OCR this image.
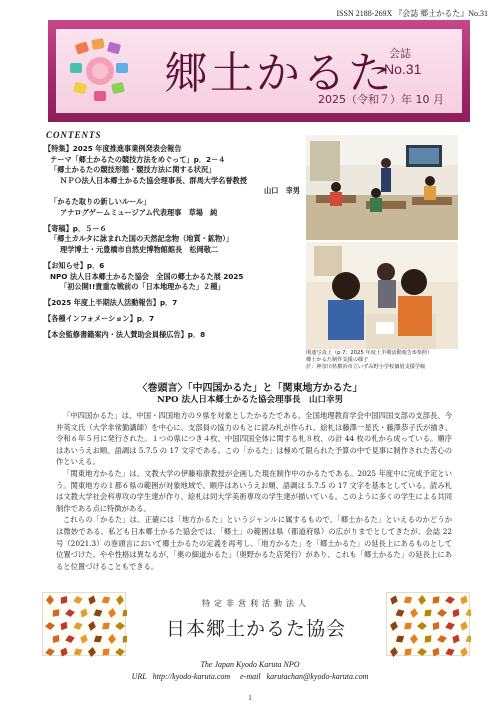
ISSN 2188-269X 『会誌 郷土かるた』No.31
郷土かるた
会誌
No.31
2025（令和７）年 10 月
CONTENTS
【特集】2025 年度推進事業例発表会報告
テーマ「郷土かるたの競技方法をめぐって」p．2－４
「郷土かるたの競技形態・競技方法に関する状況」
ＮＰＯ法人日本郷土かるた協会理事長、群馬大学名誉教授
山口　幸男
「かるた取りの新しいルール」
アナログゲームミュージアム代表理事　草場　純
【寄稿】p．５－６
「郷土カルタに詠まれた国の天然記念物（地質・鉱物）」
理学博士・元豊橋市自然史博物館館長　松岡敬二
【お知らせ】p．6
NPO 法人日本郷土かるた協会　全国の郷土かるた展 2025
「初公開!!貴重な戦前の「日本地理かるた」２種」
【2025 年度上半期法人活動報告】p．7
【各種インフォメーション】p．7
【本会監修書籍案内・法人賛助会員様広告】p．8
関連写真上（p.7；2025 年度上半期活動報告⑤参照）
郷土かるた制作支援の様子
於：神奈川県横浜市立いずみ野小学校個別支援学級
〈巻頭言〉「中四国かるた」と「関東地方かるた」
NPO 法人日本郷土かるた協会理事長　山口幸男

「中四国かるた」は、中国・四国地方の９県を対象としたかるたである。全国地理教育学会中国四国支部の支部長、今井英文氏（大学非常勤講師）を中心に、支部員の協力のもとに読み札が作られ、絵札は藤澤一星氏・藤澤恭子氏が描き、令和６年５月に発行された。１つの県につき４枚、中国四国全体に関する札８枚、の計 44 枚の札から成っている。順序はあいうえお順、語調は 5.7.5 の 17 文字である。この「かるた」は極めて限られた予算の中で見事に制作された苦心の作といえる。

「関東地方かるた」は、文教大学の伊藤裕康教授が企画した現在制作中のかるたである。2025 年度中に完成予定という。関東地方の１都６県の範囲が対象地域で、順序はあいうえお順、語調は 5.7.5 の 17 文字を基本としている。読み札は文教大学社会科専攻の学生達が作り、絵札は同大学美術専攻の学生達が描いている。このように多くの学生による共同制作である点に特徴がある。

これらの「かるた」は、正確には「地方かるた」というジャンルに属するもので、「郷土かるた」といえるのかどうかは微妙である。私ども日本郷土かるた協会では、「郷土」の範囲は県（都道府県）の広がりまでとしてきたが、会誌 22 号（2021.3）の巻頭言において郷土かるたの定義を再考し、「地方かるた」を「郷土かるた」の延長上にあるものとして位置づけた。やや性格は異なるが、「奥の細道かるた」（奥野かるた店発行）があり、これも「郷土かるた」の延長上にあると位置づけることもできる。

特定非営利活動法人
日本郷土かるた協会
The Japan Kyodo Karuta NPO
URL   http://kyodo-karuta.com     e-mail   karutachan@kyodo-karuta.com
1
